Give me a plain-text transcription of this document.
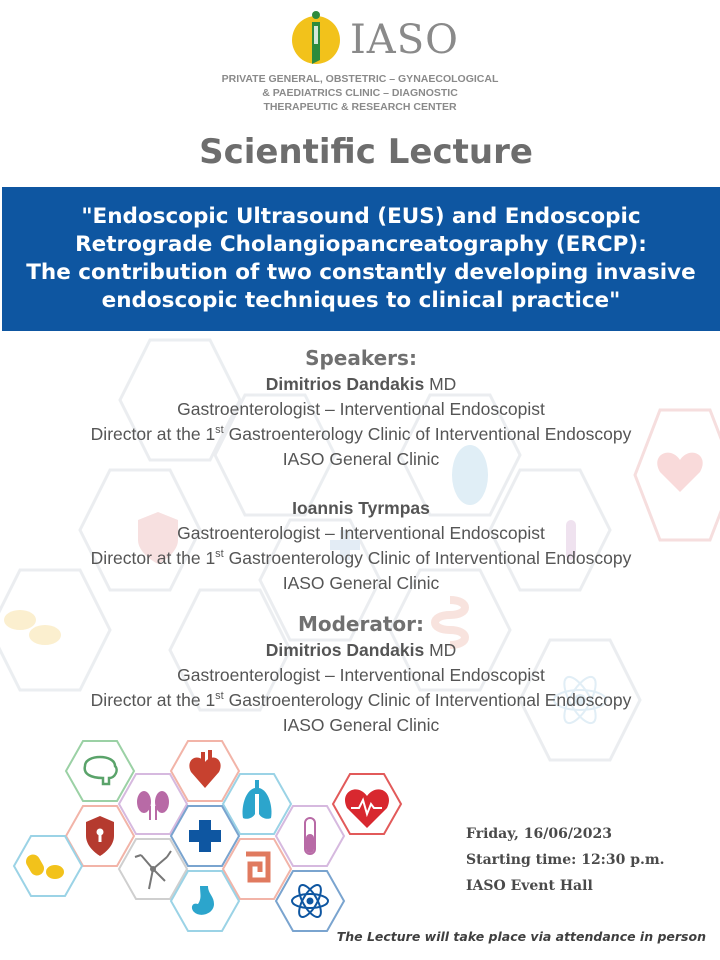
IASO
PRIVATE GENERAL, OBSTETRIC – GYNAECOLOGICAL
& PAEDIATRICS CLINIC – DIAGNOSTIC
THERAPEUTIC & RESEARCH CENTER
Scientific Lecture
"Endoscopic Ultrasound (EUS) and Endoscopic
Retrograde Cholangiopancreatography (ERCP):
The contribution of two constantly developing invasive
endoscopic techniques to clinical practice"
Speakers:
Dimitrios Dandakis MD
Gastroenterologist – Interventional Endoscopist
Director at the 1st Gastroenterology Clinic of Interventional Endoscopy
IASO General Clinic
Ioannis Tyrmpas
Gastroenterologist – Interventional Endoscopist
Director at the 1st Gastroenterology Clinic of Interventional Endoscopy
IASO General Clinic
Moderator:
Dimitrios Dandakis MD
Gastroenterologist – Interventional Endoscopist
Director at the 1st Gastroenterology Clinic of Interventional Endoscopy
IASO General Clinic
Friday, 16/06/2023
Starting time: 12:30 p.m.
IASO Event Hall
The Lecture will take place via attendance in person
